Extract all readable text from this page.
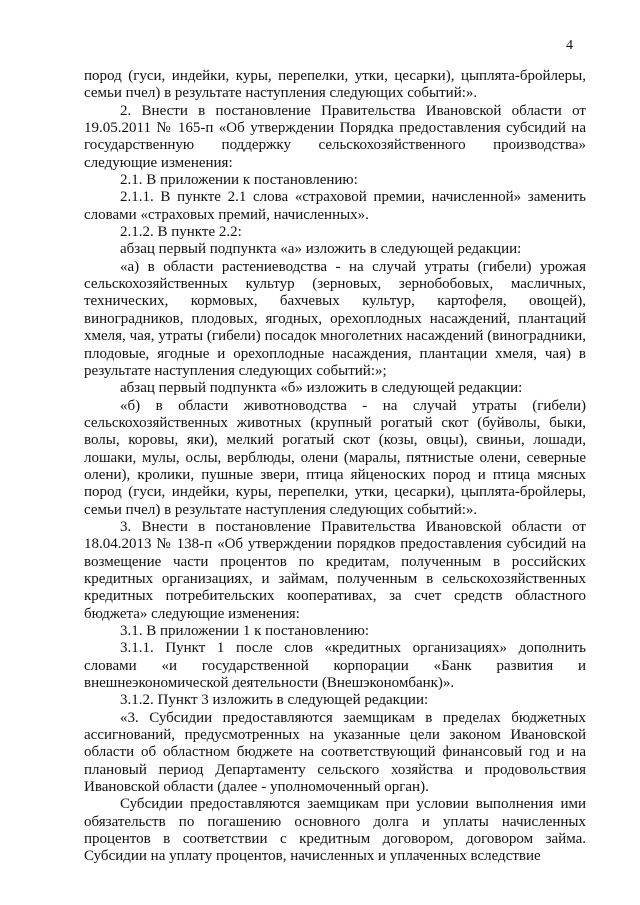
4

пород (гуси, индейки, куры, перепелки, утки, цесарки), цыплята-бройлеры, семьи пчел) в результате наступления следующих событий:».

2. Внести в постановление Правительства Ивановской области от 19.05.2011 № 165-п «Об утверждении Порядка предоставления субсидий на государственную поддержку сельскохозяйственного производства» следующие изменения:

2.1. В приложении к постановлению:

2.1.1. В пункте 2.1 слова «страховой премии, начисленной» заменить словами «страховых премий, начисленных».

2.1.2. В пункте 2.2:

абзац первый подпункта «а» изложить в следующей редакции:

«а) в области растениеводства - на случай утраты (гибели) урожая сельскохозяйственных культур (зерновых, зернобобовых, масличных, технических, кормовых, бахчевых культур, картофеля, овощей), виноградников, плодовых, ягодных, орехоплодных насаждений, плантаций хмеля, чая, утраты (гибели) посадок многолетних насаждений (виноградники, плодовые, ягодные и орехоплодные насаждения, плантации хмеля, чая) в результате наступления следующих событий:»;

абзац первый подпункта «б» изложить в следующей редакции:

«б) в области животноводства - на случай утраты (гибели) сельскохозяйственных животных (крупный рогатый скот (буйволы, быки, волы, коровы, яки), мелкий рогатый скот (козы, овцы), свиньи, лошади, лошаки, мулы, ослы, верблюды, олени (маралы, пятнистые олени, северные олени), кролики, пушные звери, птица яйценоских пород и птица мясных пород (гуси, индейки, куры, перепелки, утки, цесарки), цыплята-бройлеры, семьи пчел) в результате наступления следующих событий:».

3. Внести в постановление Правительства Ивановской области от 18.04.2013 № 138-п «Об утверждении порядков предоставления субсидий на возмещение части процентов по кредитам, полученным в российских кредитных организациях, и займам, полученным в сельскохозяйственных кредитных потребительских кооперативах, за счет средств областного бюджета» следующие изменения:

3.1. В приложении 1 к постановлению:

3.1.1. Пункт 1 после слов «кредитных организациях» дополнить словами «и государственной корпорации «Банк развития и внешнеэкономической деятельности (Внешэкономбанк)».

3.1.2. Пункт 3 изложить в следующей редакции:

«3. Субсидии предоставляются заемщикам в пределах бюджетных ассигнований, предусмотренных на указанные цели законом Ивановской области об областном бюджете на соответствующий финансовый год и на плановый период Департаменту сельского хозяйства и продовольствия Ивановской области (далее - уполномоченный орган).

Субсидии предоставляются заемщикам при условии выполнения ими обязательств по погашению основного долга и уплаты начисленных процентов в соответствии с кредитным договором, договором займа. Субсидии на уплату процентов, начисленных и уплаченных вследствие
